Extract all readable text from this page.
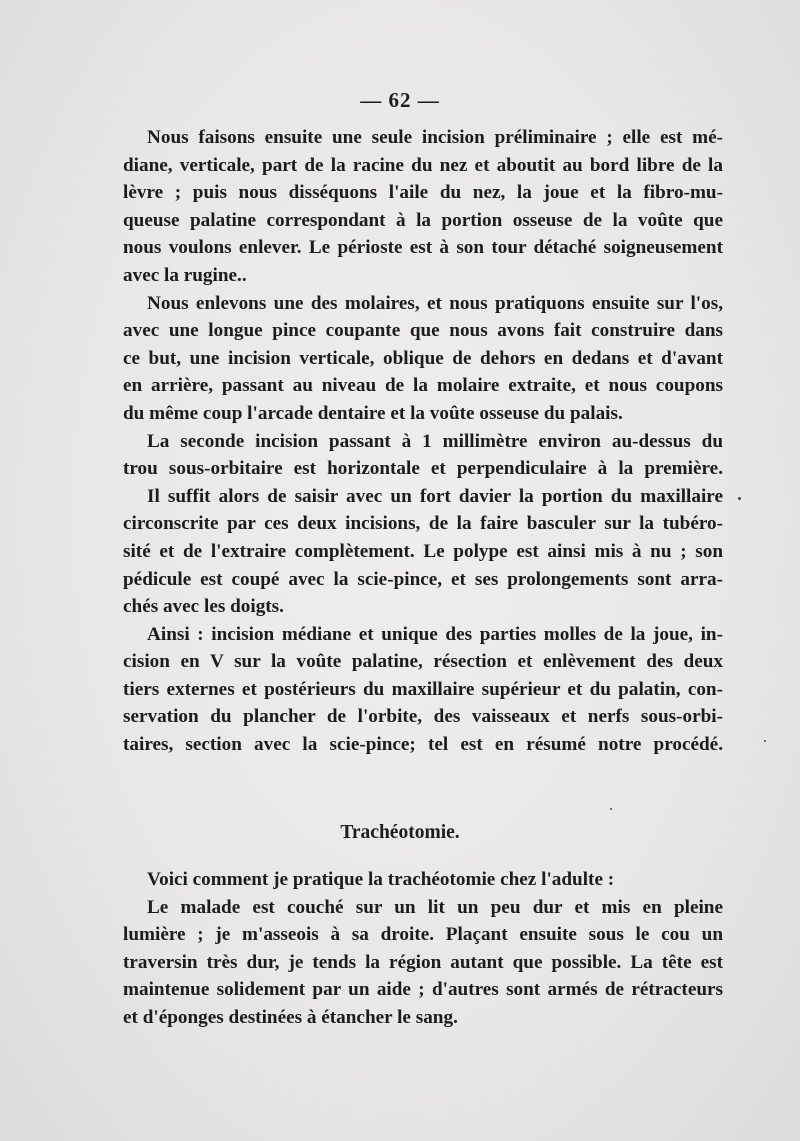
— 62 —
Nous faisons ensuite une seule incision préliminaire ; elle est mé-
diane, verticale, part de la racine du nez et aboutit au bord libre de la
lèvre ; puis nous disséquons l'aile du nez, la joue et la fibro-mu-
queuse palatine correspondant à la portion osseuse de la voûte que
nous voulons enlever. Le périoste est à son tour détaché soigneusement
avec la rugine..
Nous enlevons une des molaires, et nous pratiquons ensuite sur l'os,
avec une longue pince coupante que nous avons fait construire dans
ce but, une incision verticale, oblique de dehors en dedans et d'avant
en arrière, passant au niveau de la molaire extraite, et nous coupons
du même coup l'arcade dentaire et la voûte osseuse du palais.
La seconde incision passant à 1 millimètre environ au-dessus du
trou sous-orbitaire est horizontale et perpendiculaire à la première.
Il suffit alors de saisir avec un fort davier la portion du maxillaire
circonscrite par ces deux incisions, de la faire basculer sur la tubéro-
sité et de l'extraire complètement. Le polype est ainsi mis à nu ; son
pédicule est coupé avec la scie-pince, et ses prolongements sont arra-
chés avec les doigts.
Ainsi : incision médiane et unique des parties molles de la joue, in-
cision en V sur la voûte palatine, résection et enlèvement des deux
tiers externes et postérieurs du maxillaire supérieur et du palatin, con-
servation du plancher de l'orbite, des vaisseaux et nerfs sous-orbi-
taires, section avec la scie-pince; tel est en résumé notre procédé.
Trachéotomie.
Voici comment je pratique la trachéotomie chez l'adulte :
Le malade est couché sur un lit un peu dur et mis en pleine
lumière ; je m'asseois à sa droite. Plaçant ensuite sous le cou un
traversin très dur, je tends la région autant que possible. La tête est
maintenue solidement par un aide ; d'autres sont armés de rétracteurs
et d'éponges destinées à étancher le sang.
